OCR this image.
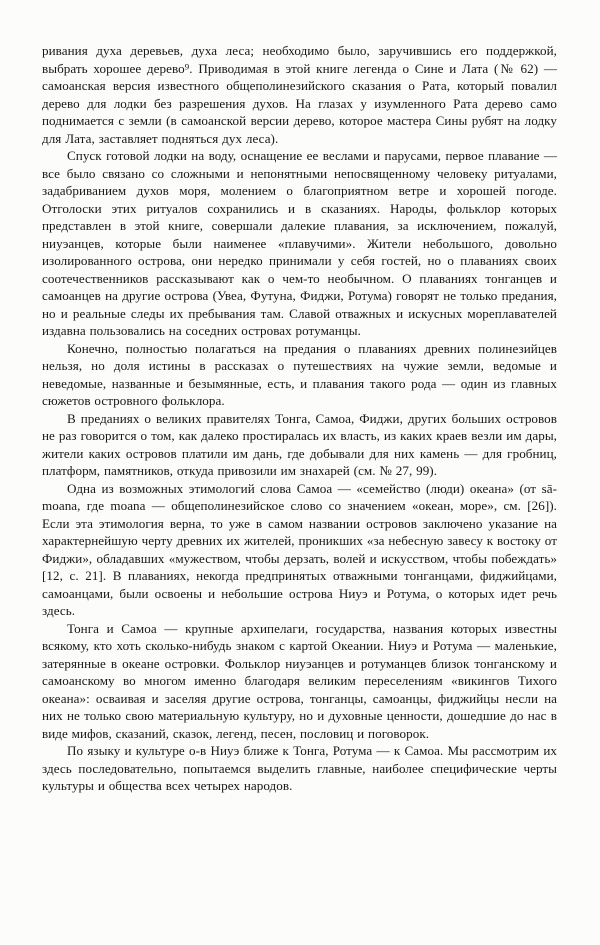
ривания духа деревьев, духа леса; необходимо было, заручившись его поддержкой, выбрать хорошее дерево⁹. Приводимая в этой книге легенда о Сине и Лата (№ 62) — самоанская версия известного общеполинезийского сказания о Рата, который повалил дерево для лодки без разрешения духов. На глазах у изумленного Рата дерево само поднимается с земли (в самоанской версии дерево, которое мастера Сины рубят на лодку для Лата, заставляет подняться дух леса).

Спуск готовой лодки на воду, оснащение ее веслами и парусами, первое плавание — все было связано со сложными и непонятными непосвященному человеку ритуалами, задабриванием духов моря, молением о благоприятном ветре и хорошей погоде. Отголоски этих ритуалов сохранились и в сказаниях. Народы, фольклор которых представлен в этой книге, совершали далекие плавания, за исключением, пожалуй, ниуэанцев, которые были наименее «плавучими». Жители небольшого, довольно изолированного острова, они нередко принимали у себя гостей, но о плаваниях своих соотечественников рассказывают как о чем-то необычном. О плаваниях тонганцев и самоанцев на другие острова (Увеа, Футуна, Фиджи, Ротума) говорят не только предания, но и реальные следы их пребывания там. Славой отважных и искусных мореплавателей издавна пользовались на соседних островах ротуманцы.

Конечно, полностью полагаться на предания о плаваниях древних полинезийцев нельзя, но доля истины в рассказах о путешествиях на чужие земли, ведомые и неведомые, названные и безымянные, есть, и плавания такого рода — один из главных сюжетов островного фольклора.

В преданиях о великих правителях Тонга, Самоа, Фиджи, других больших островов не раз говорится о том, как далеко простиралась их власть, из каких краев везли им дары, жители каких островов платили им дань, где добывали для них камень — для гробниц, платформ, памятников, откуда привозили им знахарей (см. № 27, 99).

Одна из возможных этимологий слова Самоа — «семейство (люди) океана» (от sā-moana, где moana — общеполинезийское слово со значением «океан, море», см. [26]). Если эта этимология верна, то уже в самом названии островов заключено указание на характернейшую черту древних их жителей, проникших «за небесную завесу к востоку от Фиджи», обладавших «мужеством, чтобы дерзать, волей и искусством, чтобы побеждать» [12, с. 21]. В плаваниях, некогда предпринятых отважными тонганцами, фиджийцами, самоанцами, были освоены и небольшие острова Ниуэ и Ротума, о которых идет речь здесь.

Тонга и Самоа — крупные архипелаги, государства, названия которых известны всякому, кто хоть сколько-нибудь знаком с картой Океании. Ниуэ и Ротума — маленькие, затерянные в океане островки. Фольклор ниуэанцев и ротуманцев близок тонганскому и самоанскому во многом именно благодаря великим переселениям «викингов Тихого океана»: осваивая и заселяя другие острова, тонганцы, самоанцы, фиджийцы несли на них не только свою материальную культуру, но и духовные ценности, дошедшие до нас в виде мифов, сказаний, сказок, легенд, песен, пословиц и поговорок.

По языку и культуре о-в Ниуэ ближе к Тонга, Ротума — к Самоа. Мы рассмотрим их здесь последовательно, попытаемся выделить главные, наиболее специфические черты культуры и общества всех четырех народов.
